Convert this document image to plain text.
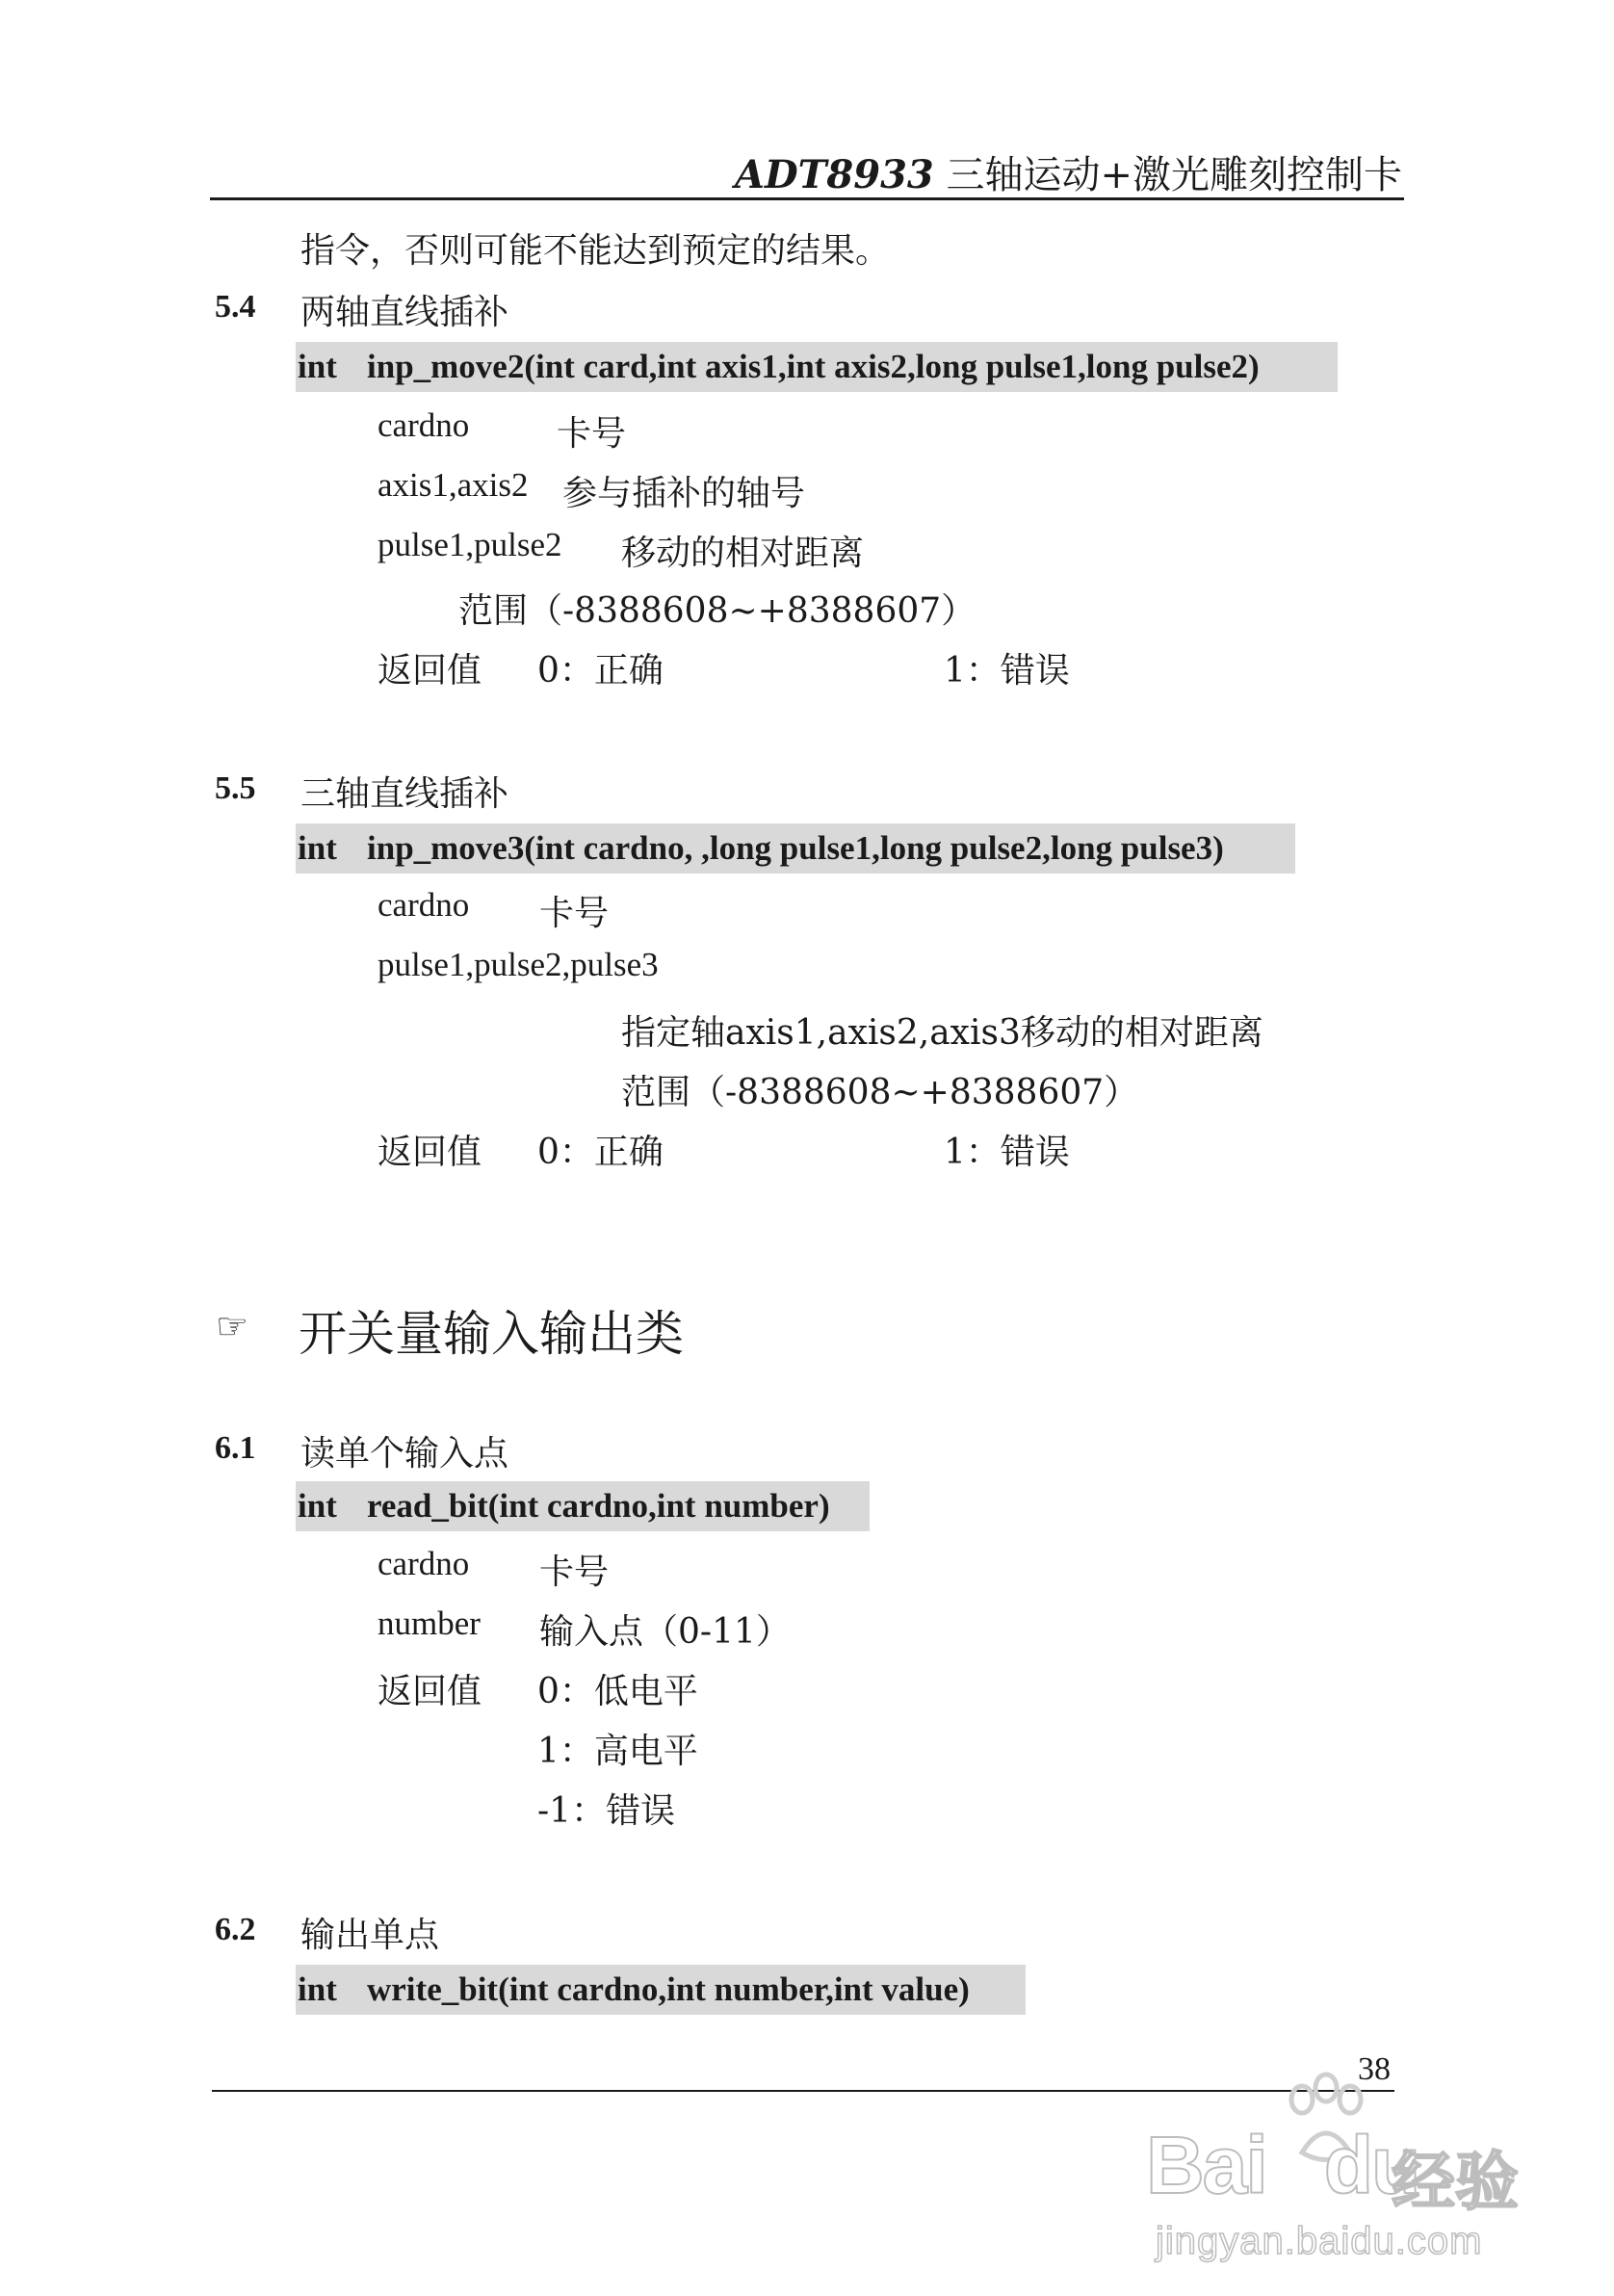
ADT8933 三轴运动+激光雕刻控制卡
指令，否则可能不能达到预定的结果。
5.4 两轴直线插补
int inp_move2(int card,int axis1,int axis2,long pulse1,long pulse2)
cardno	卡号
axis1,axis2 参与插补的轴号
pulse1,pulse2 移动的相对距离
范围（-8388608~+8388607）
返回值 0：正确	1：错误
5.5 三轴直线插补
int inp_move3(int cardno, ,long pulse1,long pulse2,long pulse3)
cardno 卡号
pulse1,pulse2,pulse3
指定轴axis1,axis2,axis3移动的相对距离
范围（-8388608~+8388607）
返回值 0：正确	1：错误
☞ 开关量输入输出类
6.1 读单个输入点
int read_bit(int cardno,int number)
cardno 卡号
number 输入点（0-11）
返回值 0：低电平
1：高电平
-1：错误
6.2 输出单点
int write_bit(int cardno,int number,int value)
38
Bai du
经验
jingyan.baidu.com
